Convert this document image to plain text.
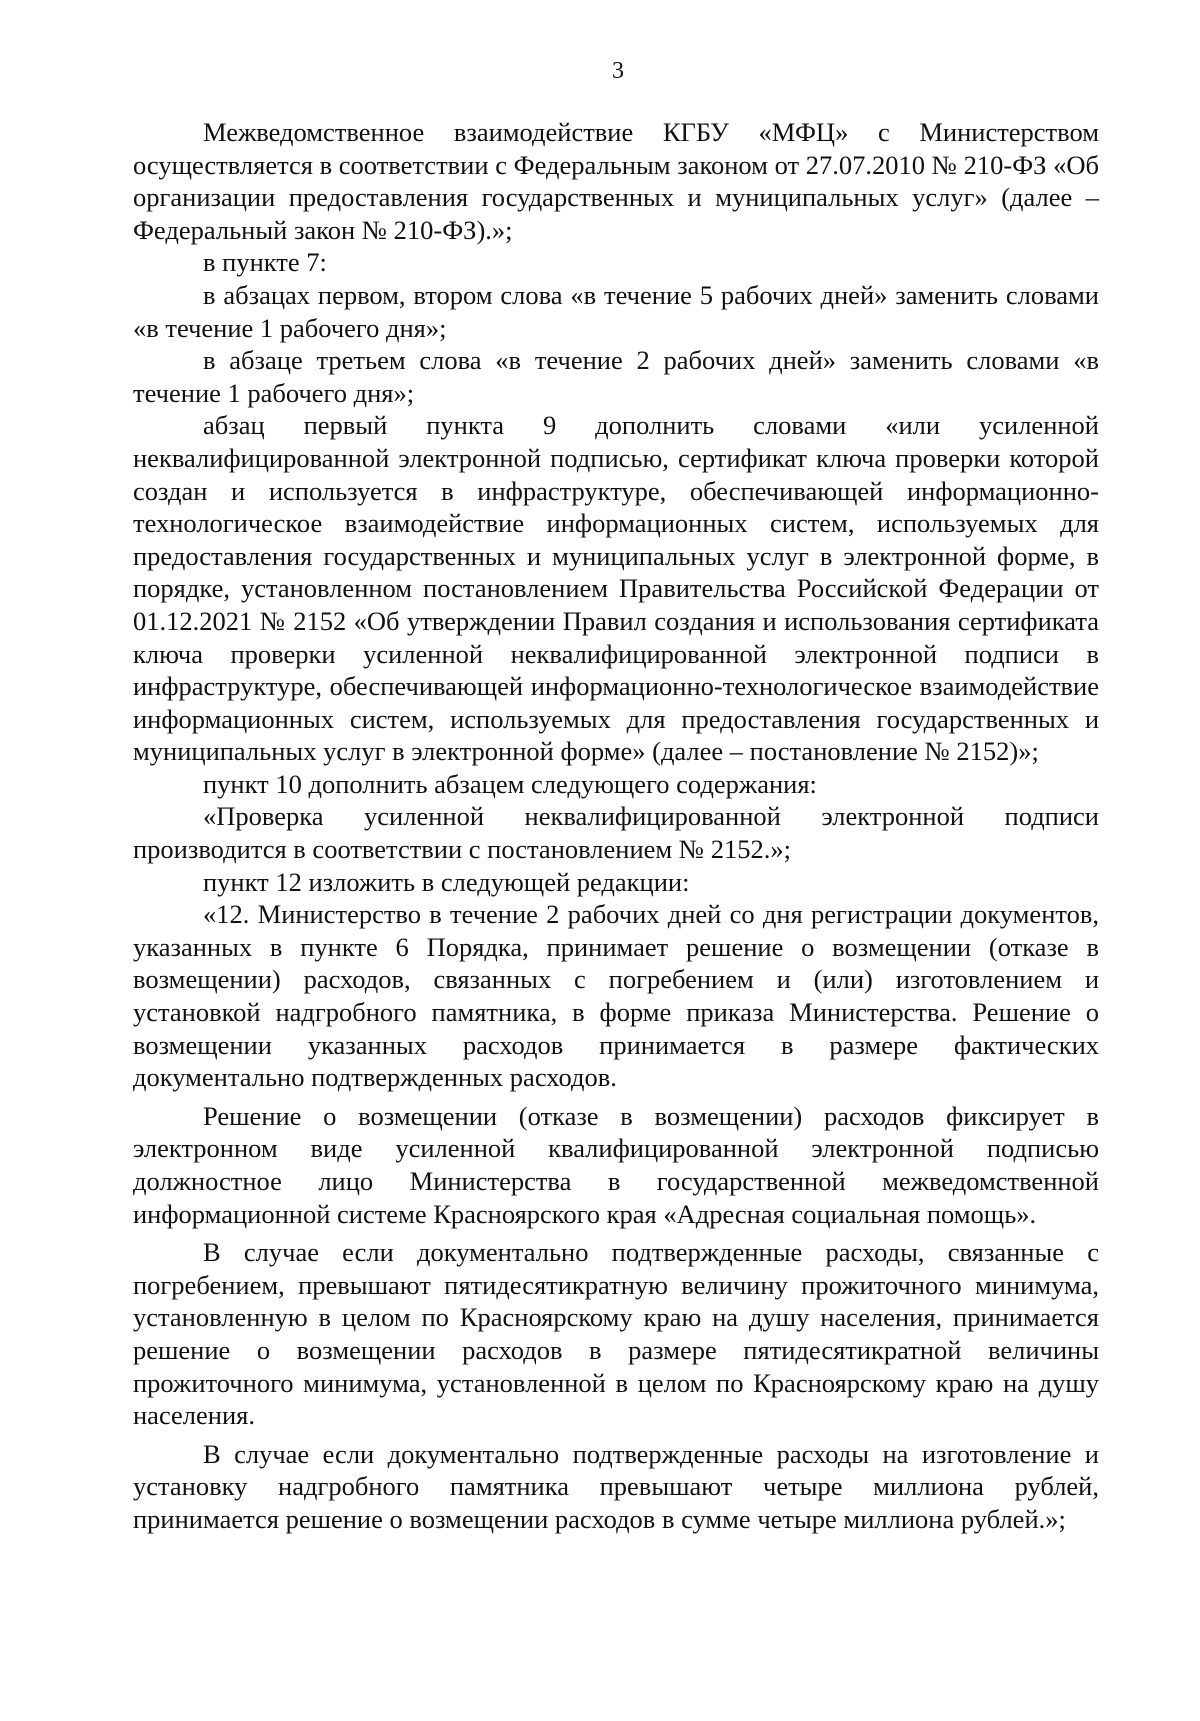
3

Межведомственное взаимодействие КГБУ «МФЦ» с Министерством осуществляется в соответствии с Федеральным законом от 27.07.2010 № 210-ФЗ «Об организации предоставления государственных и муниципальных услуг» (далее – Федеральный закон № 210-ФЗ).»;

в пункте 7:

в абзацах первом, втором слова «в течение 5 рабочих дней» заменить словами «в течение 1 рабочего дня»;

в абзаце третьем слова «в течение 2 рабочих дней» заменить словами «в течение 1 рабочего дня»;

абзац первый пункта 9 дополнить словами «или усиленной неквалифицированной электронной подписью, сертификат ключа проверки которой создан и используется в инфраструктуре, обеспечивающей информационно-технологическое взаимодействие информационных систем, используемых для предоставления государственных и муниципальных услуг в электронной форме, в порядке, установленном постановлением Правительства Российской Федерации от 01.12.2021 № 2152 «Об утверждении Правил создания и использования сертификата ключа проверки усиленной неквалифицированной электронной подписи в инфраструктуре, обеспечивающей информационно-технологическое взаимодействие информационных систем, используемых для предоставления государственных и муниципальных услуг в электронной форме» (далее – постановление № 2152)»;

пункт 10 дополнить абзацем следующего содержания:

«Проверка усиленной неквалифицированной электронной подписи производится в соответствии с постановлением № 2152.»;

пункт 12 изложить в следующей редакции:

«12. Министерство в течение 2 рабочих дней со дня регистрации документов, указанных в пункте 6 Порядка, принимает решение о возмещении (отказе в возмещении) расходов, связанных с погребением и (или) изготовлением и установкой надгробного памятника, в форме приказа Министерства. Решение о возмещении указанных расходов принимается в размере фактических документально подтвержденных расходов.

Решение о возмещении (отказе в возмещении) расходов фиксирует в электронном виде усиленной квалифицированной электронной подписью должностное лицо Министерства в государственной межведомственной информационной системе Красноярского края «Адресная социальная помощь».

В случае если документально подтвержденные расходы, связанные с погребением, превышают пятидесятикратную величину прожиточного минимума, установленную в целом по Красноярскому краю на душу населения, принимается решение о возмещении расходов в размере пятидесятикратной величины прожиточного минимума, установленной в целом по Красноярскому краю на душу населения.

В случае если документально подтвержденные расходы на изготовление и установку надгробного памятника превышают четыре миллиона рублей, принимается решение о возмещении расходов в сумме четыре миллиона рублей.»;
